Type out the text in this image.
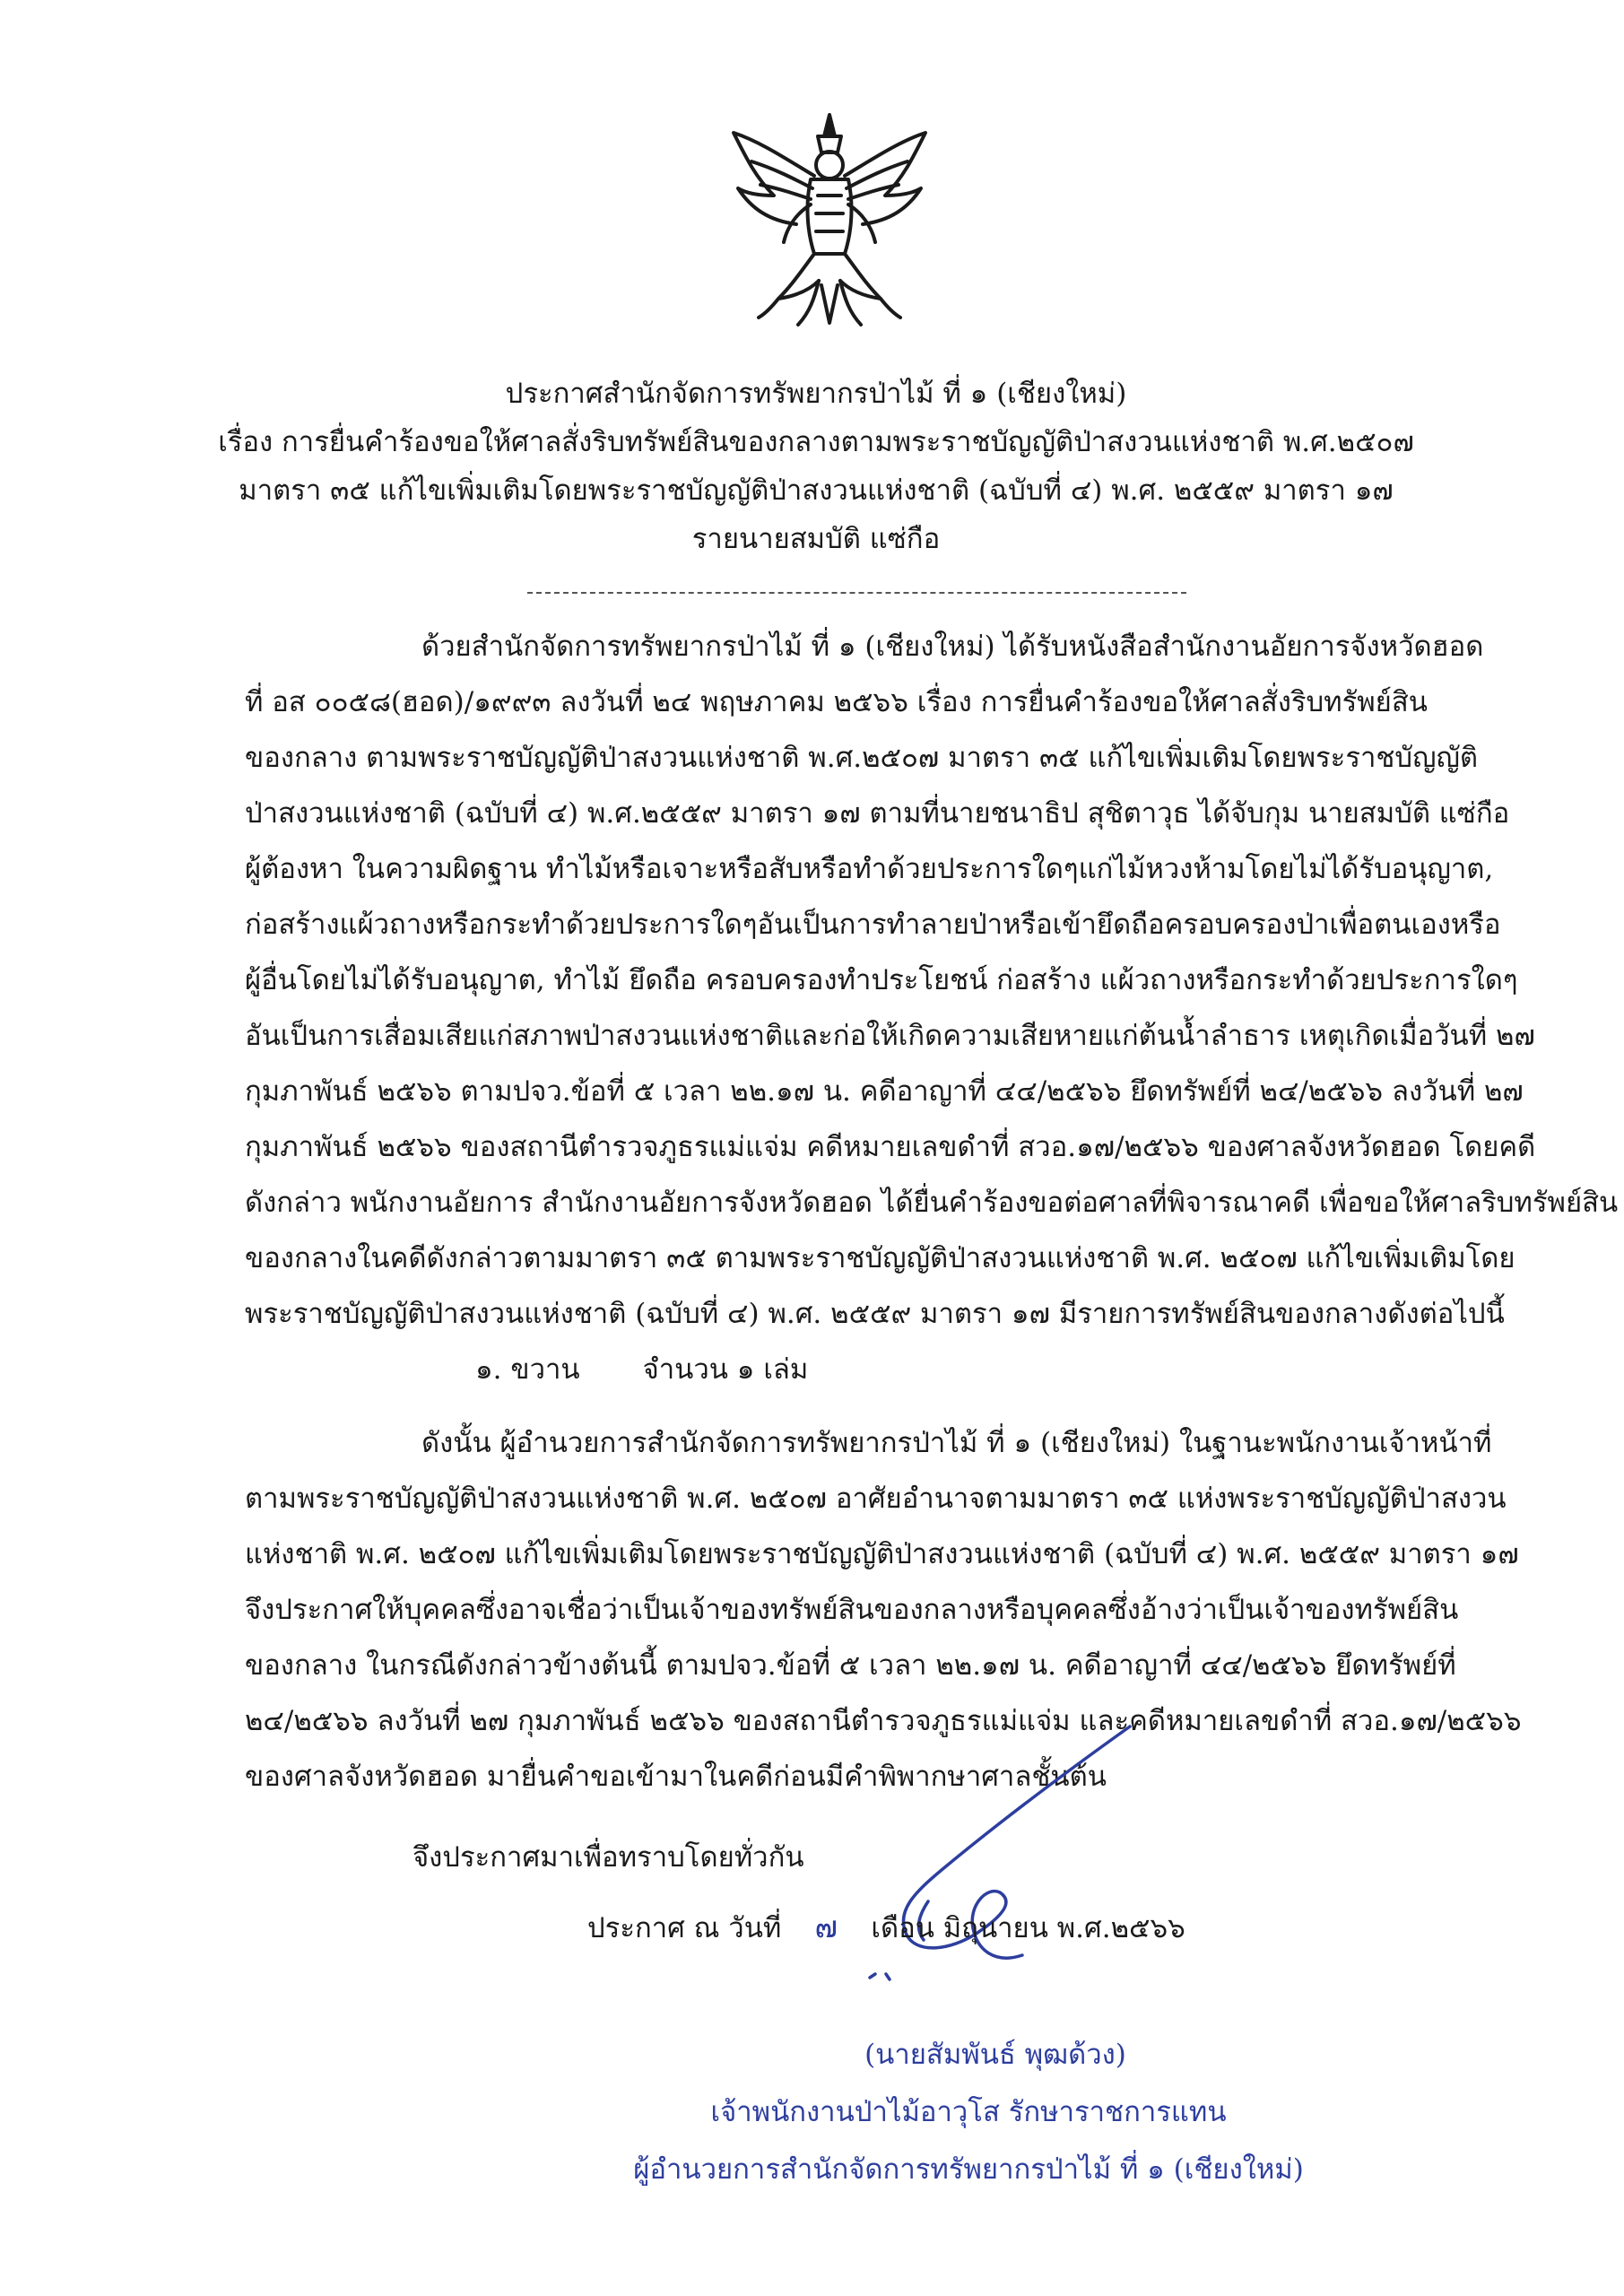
ประกาศสำนักจัดการทรัพยากรป่าไม้ ที่ ๑ (เชียงใหม่)
เรื่อง การยื่นคำร้องขอให้ศาลสั่งริบทรัพย์สินของกลางตามพระราชบัญญัติป่าสงวนแห่งชาติ พ.ศ.๒๕๐๗
มาตรา ๓๕ แก้ไขเพิ่มเติมโดยพระราชบัญญัติป่าสงวนแห่งชาติ (ฉบับที่ ๔) พ.ศ. ๒๕๕๙ มาตรา ๑๗
รายนายสมบัติ แซ่กือ
ด้วยสำนักจัดการทรัพยากรป่าไม้ ที่ ๑ (เชียงใหม่) ได้รับหนังสือสำนักงานอัยการจังหวัดฮอด
ที่ อส ๐๐๕๘(ฮอด)/๑๙๙๓ ลงวันที่ ๒๔ พฤษภาคม ๒๕๖๖ เรื่อง การยื่นคำร้องขอให้ศาลสั่งริบทรัพย์สิน
ของกลาง ตามพระราชบัญญัติป่าสงวนแห่งชาติ พ.ศ.๒๕๐๗ มาตรา ๓๕ แก้ไขเพิ่มเติมโดยพระราชบัญญัติ
ป่าสงวนแห่งชาติ (ฉบับที่ ๔) พ.ศ.๒๕๕๙ มาตรา ๑๗ ตามที่นายชนาธิป สุชิตาวุธ ได้จับกุม นายสมบัติ แซ่กือ
ผู้ต้องหา ในความผิดฐาน ทำไม้หรือเจาะหรือสับหรือทำด้วยประการใดๆแก่ไม้หวงห้ามโดยไม่ได้รับอนุญาต,
ก่อสร้างแผ้วถางหรือกระทำด้วยประการใดๆอันเป็นการทำลายป่าหรือเข้ายึดถือครอบครองป่าเพื่อตนเองหรือ
ผู้อื่นโดยไม่ได้รับอนุญาต, ทำไม้ ยึดถือ ครอบครองทำประโยชน์ ก่อสร้าง แผ้วถางหรือกระทำด้วยประการใดๆ
อันเป็นการเสื่อมเสียแก่สภาพป่าสงวนแห่งชาติและก่อให้เกิดความเสียหายแก่ต้นน้ำลำธาร เหตุเกิดเมื่อวันที่ ๒๗
กุมภาพันธ์ ๒๕๖๖ ตามปจว.ข้อที่ ๕ เวลา ๒๒.๑๗ น. คดีอาญาที่ ๔๔/๒๕๖๖ ยึดทรัพย์ที่ ๒๔/๒๕๖๖ ลงวันที่ ๒๗
กุมภาพันธ์ ๒๕๖๖ ของสถานีตำรวจภูธรแม่แจ่ม คดีหมายเลขดำที่ สวอ.๑๗/๒๕๖๖ ของศาลจังหวัดฮอด โดยคดี
ดังกล่าว พนักงานอัยการ สำนักงานอัยการจังหวัดฮอด ได้ยื่นคำร้องขอต่อศาลที่พิจารณาคดี เพื่อขอให้ศาลริบทรัพย์สิน
ของกลางในคดีดังกล่าวตามมาตรา ๓๕ ตามพระราชบัญญัติป่าสงวนแห่งชาติ พ.ศ. ๒๕๐๗ แก้ไขเพิ่มเติมโดย
พระราชบัญญัติป่าสงวนแห่งชาติ (ฉบับที่ ๔) พ.ศ. ๒๕๕๙ มาตรา ๑๗ มีรายการทรัพย์สินของกลางดังต่อไปนี้
๑. ขวาน จำนวน ๑ เล่ม
ดังนั้น ผู้อำนวยการสำนักจัดการทรัพยากรป่าไม้ ที่ ๑ (เชียงใหม่) ในฐานะพนักงานเจ้าหน้าที่
ตามพระราชบัญญัติป่าสงวนแห่งชาติ พ.ศ. ๒๕๐๗ อาศัยอำนาจตามมาตรา ๓๕ แห่งพระราชบัญญัติป่าสงวน
แห่งชาติ พ.ศ. ๒๕๐๗ แก้ไขเพิ่มเติมโดยพระราชบัญญัติป่าสงวนแห่งชาติ (ฉบับที่ ๔) พ.ศ. ๒๕๕๙ มาตรา ๑๗
จึงประกาศให้บุคคลซึ่งอาจเชื่อว่าเป็นเจ้าของทรัพย์สินของกลางหรือบุคคลซึ่งอ้างว่าเป็นเจ้าของทรัพย์สิน
ของกลาง ในกรณีดังกล่าวข้างต้นนี้ ตามปจว.ข้อที่ ๕ เวลา ๒๒.๑๗ น. คดีอาญาที่ ๔๔/๒๕๖๖ ยึดทรัพย์ที่
๒๔/๒๕๖๖ ลงวันที่ ๒๗ กุมภาพันธ์ ๒๕๖๖ ของสถานีตำรวจภูธรแม่แจ่ม และคดีหมายเลขดำที่ สวอ.๑๗/๒๕๖๖
ของศาลจังหวัดฮอด มายื่นคำขอเข้ามาในคดีก่อนมีคำพิพากษาศาลชั้นต้น
จึงประกาศมาเพื่อทราบโดยทั่วกัน
ประกาศ ณ วันที่ ๗ เดือน มิถุนายน พ.ศ.๒๕๖๖
(นายสัมพันธ์ พุฒด้วง)
เจ้าพนักงานป่าไม้อาวุโส รักษาราชการแทน
ผู้อำนวยการสำนักจัดการทรัพยากรป่าไม้ ที่ ๑ (เชียงใหม่)
